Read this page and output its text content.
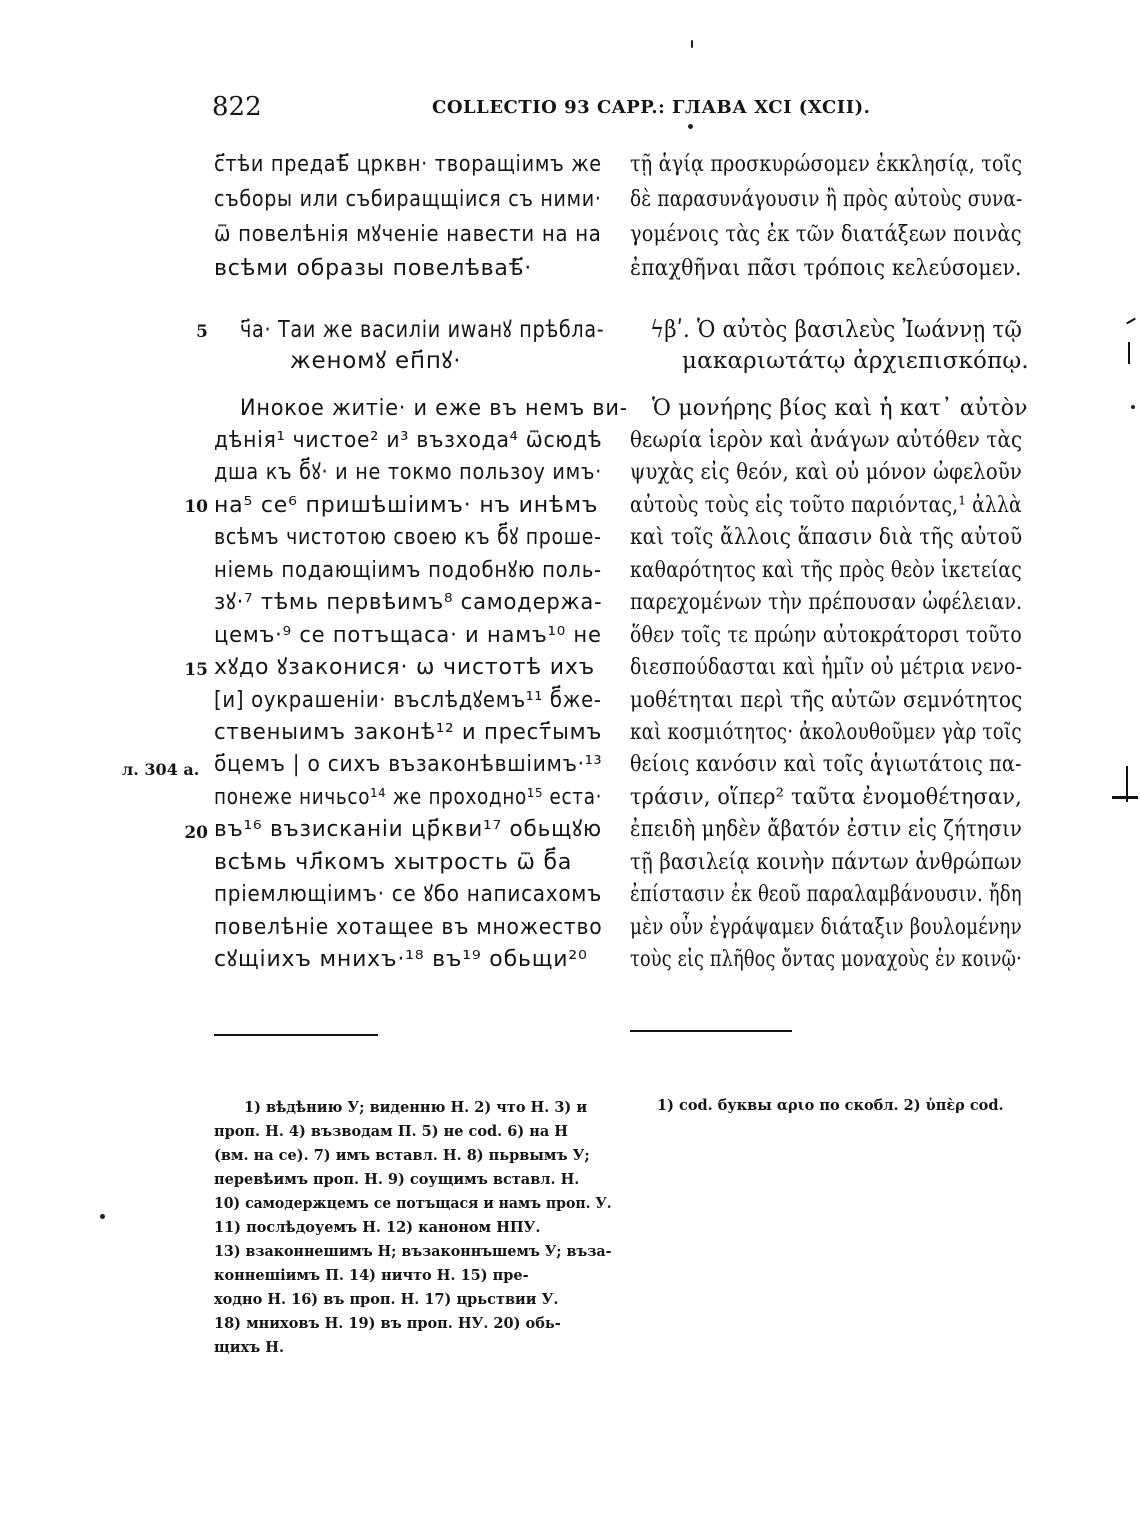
822	COLLECTIO 93 CAPP.: ГЛАВА XCI (XCII).
с҃тѣи предаѣ҃ црквн· творащiимъ же
съборы или събиращщiися съ ними·
ѿ повелѣнiя мꙋченiе навести на на
всѣми образы повелѣваѣ҃·
ч҃а· Таи же василiи иwанꙋ прѣбла-
женомꙋ еп҃пꙋ·
Инокое житiе· и еже въ немъ ви-
дѣнiя¹ чистое² и³ възхода⁴ ѿсюдѣ
дша къ б҃ꙋ· и не токмо пользоу имъ·
на⁵ се⁶ пришѣшiимъ· нъ инѣмъ
всѣмъ чистотою своею къ б҃ꙋ прошe-
нiемь подающiимъ подобнꙋю поль-
зꙋ·⁷ тѣмь первѣимъ⁸ самодержа-
цемъ·⁹ се потъщаса· и намъ¹⁰ не
хꙋдо ꙋзаконися· ѡ чистотѣ ихъ
[и] оукрашенiи· въслѣдꙋемъ¹¹ б҃же-
ственыимъ законѣ¹² и прест҃ымъ
о҃цемъ | о сихъ възаконѣвшiимъ·¹³
понеже ничьсо¹⁴ же проходно¹⁵ еста·
въ¹⁶ възисканiи цр҃кви¹⁷ обьщꙋю
всѣмь чл҃комъ хытрость ѿ б҃а
прiемлющiимъ· се ꙋбо написахомъ
повелѣнiе хотащее въ множество
сꙋщiихъ мнихъ·¹⁸ въ¹⁹ обьщи²⁰
5
10
15
20
л. 304 а.
τῇ ἁγίᾳ προσκυρώσομεν ἐκκλησίᾳ, τοῖς
δὲ παρασυνάγουσιν ἢ πρὸς αὐτοὺς συνα-
γομένοις τὰς ἐκ τῶν διατάξεων ποινὰς
ἐπαχθῆναι πᾶσι τρόποις κελεύσομεν.
ϟβʹ. Ὁ αὐτὸς βασιλεὺς Ἰωάννῃ τῷ
μακαριωτάτῳ ἀρχιεπισκόπῳ.
Ὁ μονήρης βίος καὶ ἡ κατ᾽ αὐτὸν
θεωρία ἱερὸν καὶ ἀνάγων αὐτόθεν τὰς
ψυχὰς εἰς θεόν, καὶ οὐ μόνον ὠφελοῦν
αὐτοὺς τοὺς εἰς τοῦτο παριόντας,¹ ἀλλὰ
καὶ τοῖς ἄλλοις ἅπασιν διὰ τῆς αὐτοῦ
καθαρότητος καὶ τῆς πρὸς θεὸν ἱκετείας
παρεχομένων τὴν πρέπουσαν ὠφέλειαν.
ὅθεν τοῖς τε πρώην αὐτοκράτορσι τοῦτο
διεσπούδασται καὶ ἡμῖν οὐ μέτρια νενο-
μοθέτηται περὶ τῆς αὐτῶν σεμνότητος
καὶ κοσμιότητος· ἀκολουθοῦμεν γὰρ τοῖς
θείοις κανόσιν καὶ τοῖς ἁγιωτάτοις πα-
τράσιν, οἵπερ² ταῦτα ἐνομοθέτησαν,
ἐπειδὴ μηδὲν ἄβατόν ἐστιν εἰς ζήτησιν
τῇ βασιλείᾳ κοινὴν πάντων ἀνθρώπων
ἐπίστασιν ἐκ θεοῦ παραλαμβάνουσιν. ἤδη
μὲν οὖν ἐγράψαμεν διάταξιν βουλομένην
τοὺς εἰς πλῆθος ὄντας μοναχοὺς ἐν κοινῷ·
1) вѣдѣнию У; виденню Н. 2) что Н. 3) и
проп. Н. 4) възводам П. 5) не cod. 6) на Н
(вм. на се). 7) имъ вставл. Н. 8) пьрвымъ У;
перевѣимъ проп. Н. 9) соущимъ вставл. Н.
10) самодержцемъ се потъщася и намъ проп. У.
11) послѣдоуемъ Н. 12) каноном НПУ.
13) взаконнешимъ Н; възаконнъшемъ У; въза-
коннешiимъ П. 14) ничто Н. 15) пре-
ходно Н. 16) въ проп. Н. 17) црьствии У.
18) мниховъ Н. 19) въ проп. НУ. 20) обь-
щихъ Н.
1) cod. буквы αριο по скобл. 2) ὑπὲρ cod.
